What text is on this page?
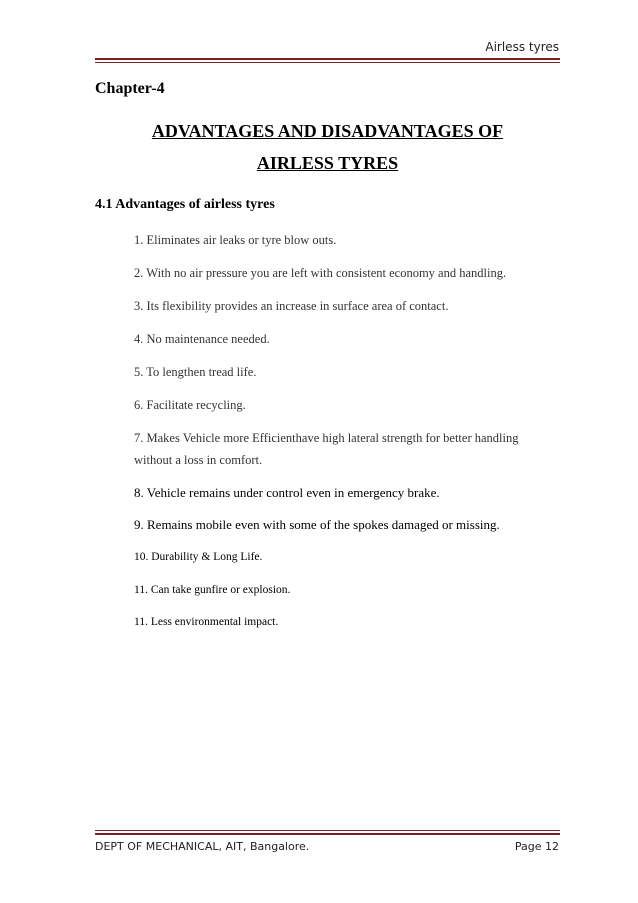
Airless tyres
Chapter-4
ADVANTAGES AND DISADVANTAGES OF
AIRLESS TYRES
4.1 Advantages of airless tyres
1. Eliminates air leaks or tyre blow outs.
2. With no air pressure you are left with consistent economy and handling.
3. Its flexibility provides an increase in surface area of contact.
4. No maintenance needed.
5. To lengthen tread life.
6. Facilitate recycling.
7. Makes Vehicle more Efficienthave high lateral strength for better handling without a loss in comfort.
8. Vehicle remains under control even in emergency brake.
9. Remains mobile even with some of the spokes damaged or missing.
10. Durability & Long Life.
11. Can take gunfire or explosion.
11. Less environmental impact.
DEPT OF MECHANICAL, AIT, Bangalore.	Page 12
